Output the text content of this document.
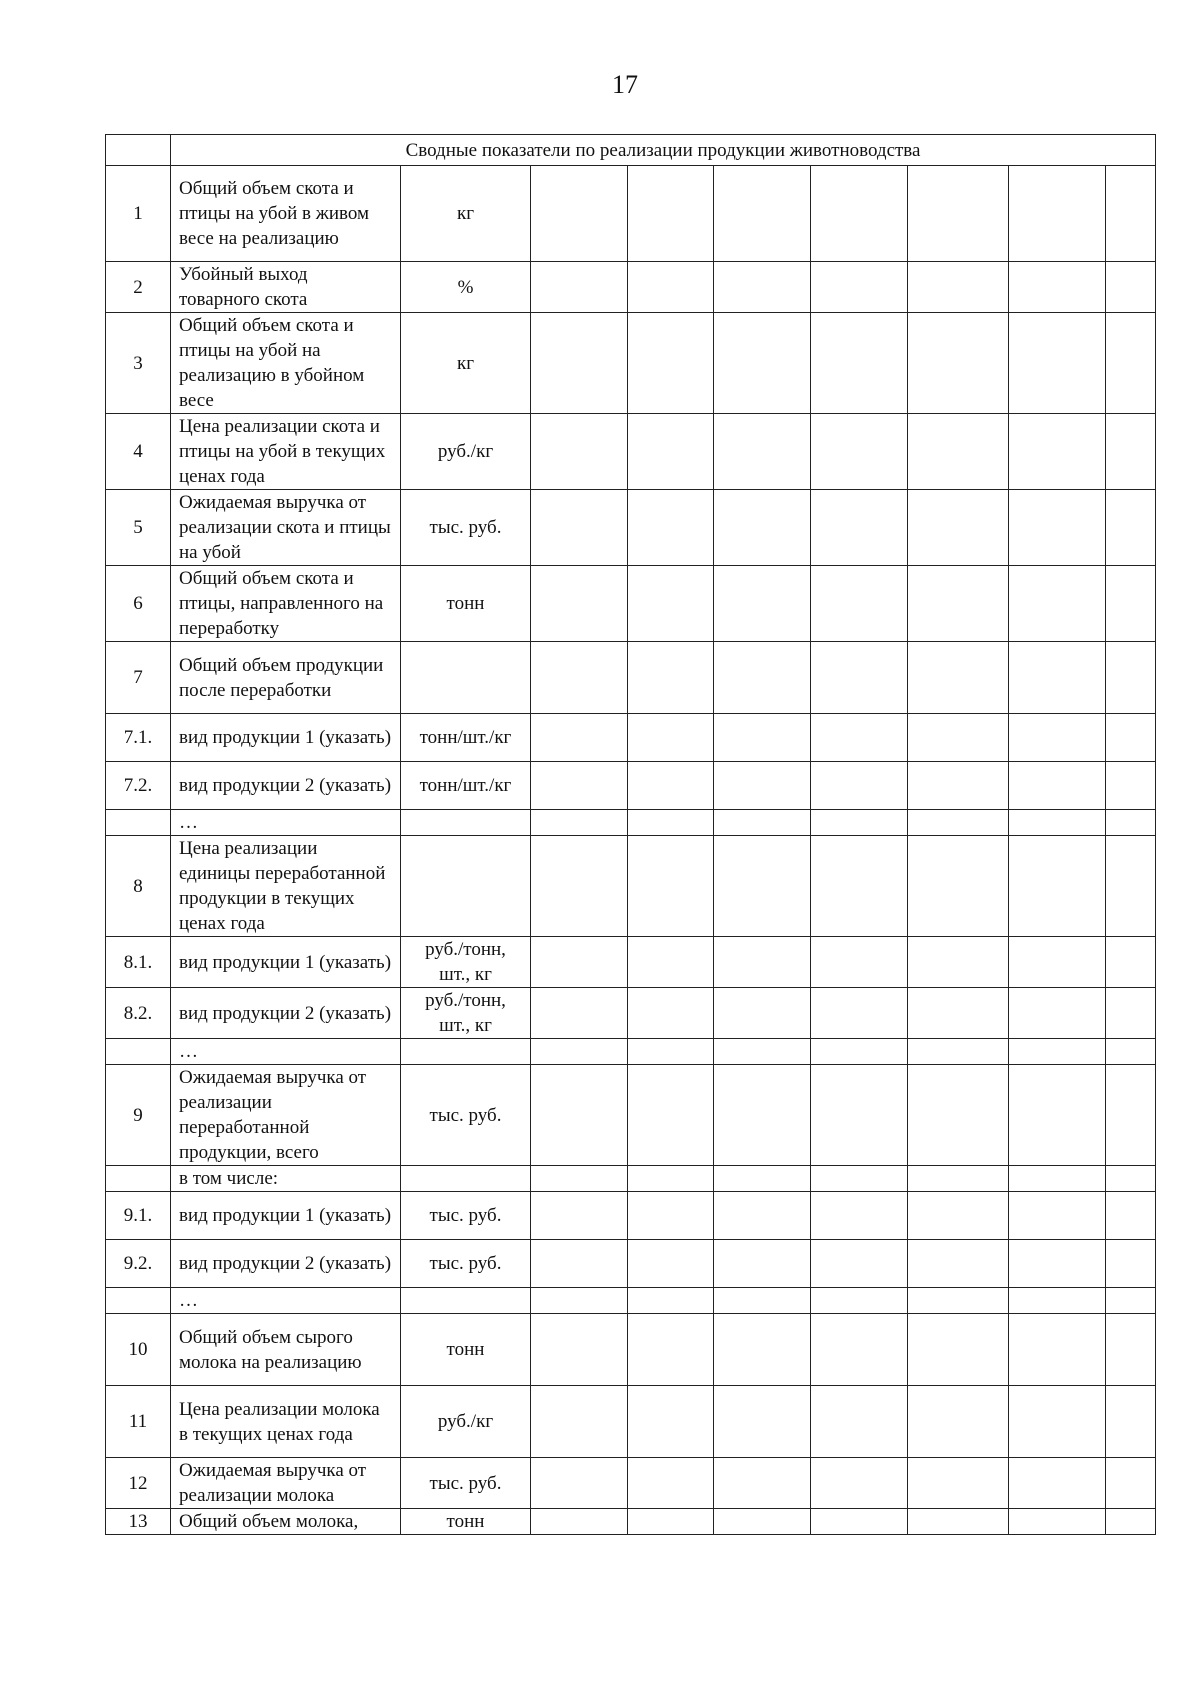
17
	Сводные показатели по реализации продукции животноводства								
1	Общий объем скота и птицы на убой в живом весе на реализацию	кг							
2	Убойный выход товарного скота	%							
3	Общий объем скота и птицы на убой на реализацию в убойном весе	кг							
4	Цена реализации скота и птицы на убой в текущих ценах года	руб./кг							
5	Ожидаемая выручка от реализации скота и птицы на убой	тыс. руб.							
6	Общий объем скота и птицы, направленного на переработку	тонн							
7	Общий объем продукции после переработки								
7.1.	вид продукции 1 (указать)	тонн/шт./кг							
7.2.	вид продукции 2 (указать)	тонн/шт./кг							
	…								
8	Цена реализации единицы переработанной продукции в текущих ценах года								
8.1.	вид продукции 1 (указать)	руб./тонн, шт., кг							
8.2.	вид продукции 2 (указать)	руб./тонн, шт., кг							
	…								
9	Ожидаемая выручка от реализации переработанной продукции, всего	тыс. руб.							
	в том числе:								
9.1.	вид продукции 1 (указать)	тыс. руб.							
9.2.	вид продукции 2 (указать)	тыс. руб.							
	…								
10	Общий объем сырого молока на реализацию	тонн							
11	Цена реализации молока в текущих ценах года	руб./кг							
12	Ожидаемая выручка от реализации молока	тыс. руб.							
13	Общий объем молока,	тонн							
